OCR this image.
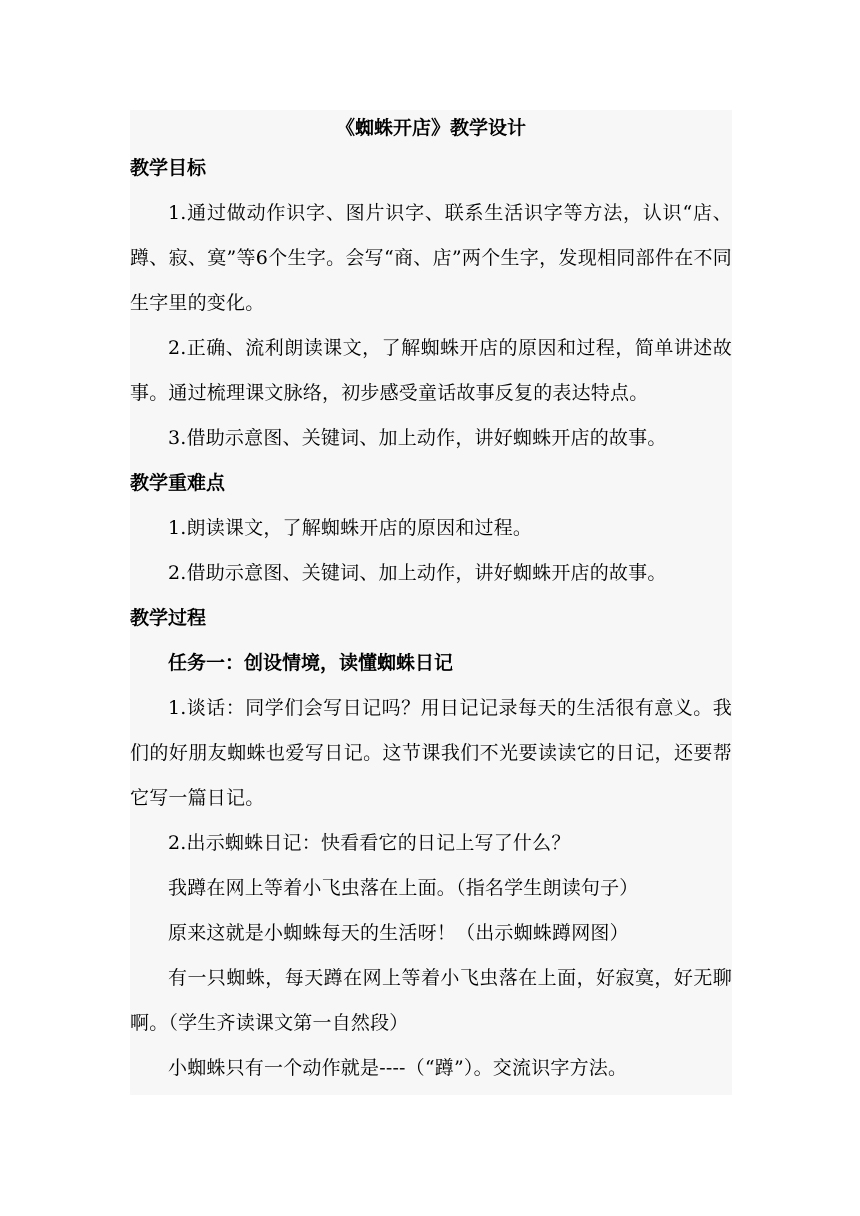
《蜘蛛开店》教学设计
教学目标

1.通过做动作识字、图片识字、联系生活识字等方法，认识“店、蹲、寂、寞”等6个生字。会写“商、店”两个生字，发现相同部件在不同生字里的变化。

2.正确、流利朗读课文，了解蜘蛛开店的原因和过程，简单讲述故事。通过梳理课文脉络，初步感受童话故事反复的表达特点。

3.借助示意图、关键词、加上动作，讲好蜘蛛开店的故事。

教学重难点

1.朗读课文，了解蜘蛛开店的原因和过程。

2.借助示意图、关键词、加上动作，讲好蜘蛛开店的故事。

教学过程
任务一：创设情境，读懂蜘蛛日记

1.谈话：同学们会写日记吗？用日记记录每天的生活很有意义。我们的好朋友蜘蛛也爱写日记。这节课我们不光要读读它的日记，还要帮它写一篇日记。

2.出示蜘蛛日记：快看看它的日记上写了什么？

我蹲在网上等着小飞虫落在上面。（指名学生朗读句子）

原来这就是小蜘蛛每天的生活呀！（出示蜘蛛蹲网图）

有一只蜘蛛，每天蹲在网上等着小飞虫落在上面，好寂寞，好无聊啊。（学生齐读课文第一自然段）

小蜘蛛只有一个动作就是----（“蹲”）。交流识字方法。
